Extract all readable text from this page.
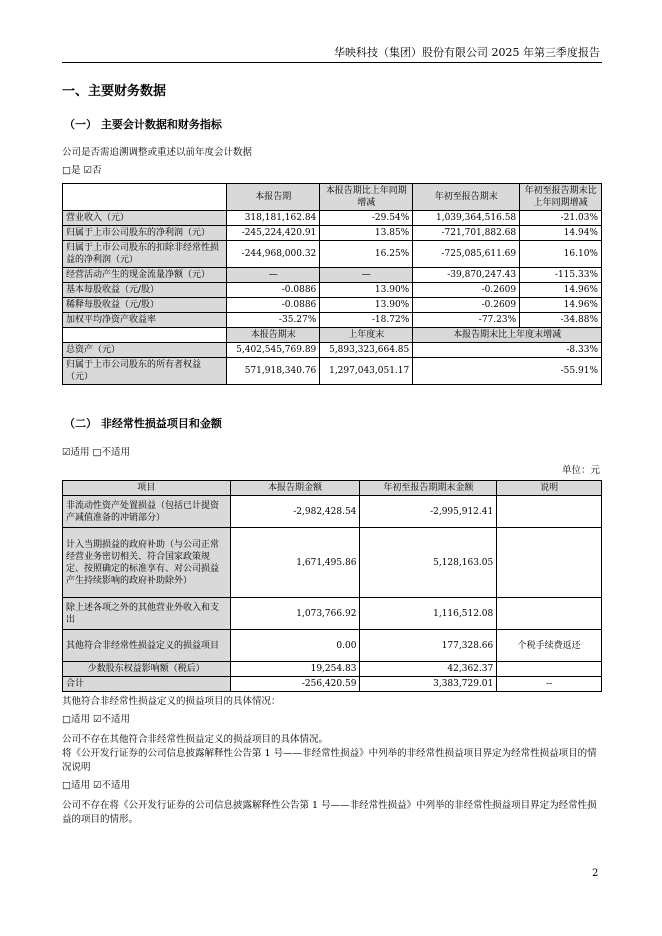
华映科技（集团）股份有限公司 2025 年第三季度报告
一、主要财务数据
（一） 主要会计数据和财务指标
公司是否需追溯调整或重述以前年度会计数据
□是 ☑否
	本报告期	本报告期比上年同期增减	年初至报告期末	年初至报告期末比上年同期增减
营业收入（元）	318,181,162.84	-29.54%	1,039,364,516.58	-21.03%
归属于上市公司股东的净利润（元）	-245,224,420.91	13.85%	-721,701,882.68	14.94%
归属于上市公司股东的扣除非经常性损益的净利润（元）	-244,968,000.32	16.25%	-725,085,611.69	16.10%
经营活动产生的现金流量净额（元）	—	—	-39,870,247.43	-115.33%
基本每股收益（元/股）	-0.0886	13.90%	-0.2609	14.96%
稀释每股收益（元/股）	-0.0886	13.90%	-0.2609	14.96%
加权平均净资产收益率	-35.27%	-18.72%	-77.23%	-34.88%
	本报告期末	上年度末	本报告期末比上年度末增减	
总资产（元）	5,402,545,769.89	5,893,323,664.85	-8.33%	
归属于上市公司股东的所有者权益（元）	571,918,340.76	1,297,043,051.17	-55.91%	
（二） 非经常性损益项目和金额
☑适用 □不适用
单位：元
项目	本报告期金额	年初至报告期期末金额	说明
非流动性资产处置损益（包括已计提资产减值准备的冲销部分）	-2,982,428.54	-2,995,912.41	
计入当期损益的政府补助（与公司正常经营业务密切相关、符合国家政策规定、按照确定的标准享有、对公司损益产生持续影响的政府补助除外）	1,671,495.86	5,128,163.05	
除上述各项之外的其他营业外收入和支出	1,073,766.92	1,116,512.08	
其他符合非经常性损益定义的损益项目	0.00	177,328.66	个税手续费返还
少数股东权益影响额（税后）	19,254.83	42,362.37	
合计	-256,420.59	3,383,729.01	--
其他符合非经常性损益定义的损益项目的具体情况：
□适用 ☑不适用
公司不存在其他符合非经常性损益定义的损益项目的具体情况。
将《公开发行证券的公司信息披露解释性公告第 1 号——非经常性损益》中列举的非经常性损益项目界定为经常性损益项目的情况说明
□适用 ☑不适用
公司不存在将《公开发行证券的公司信息披露解释性公告第 1 号——非经常性损益》中列举的非经常性损益项目界定为经常性损益的项目的情形。
2
